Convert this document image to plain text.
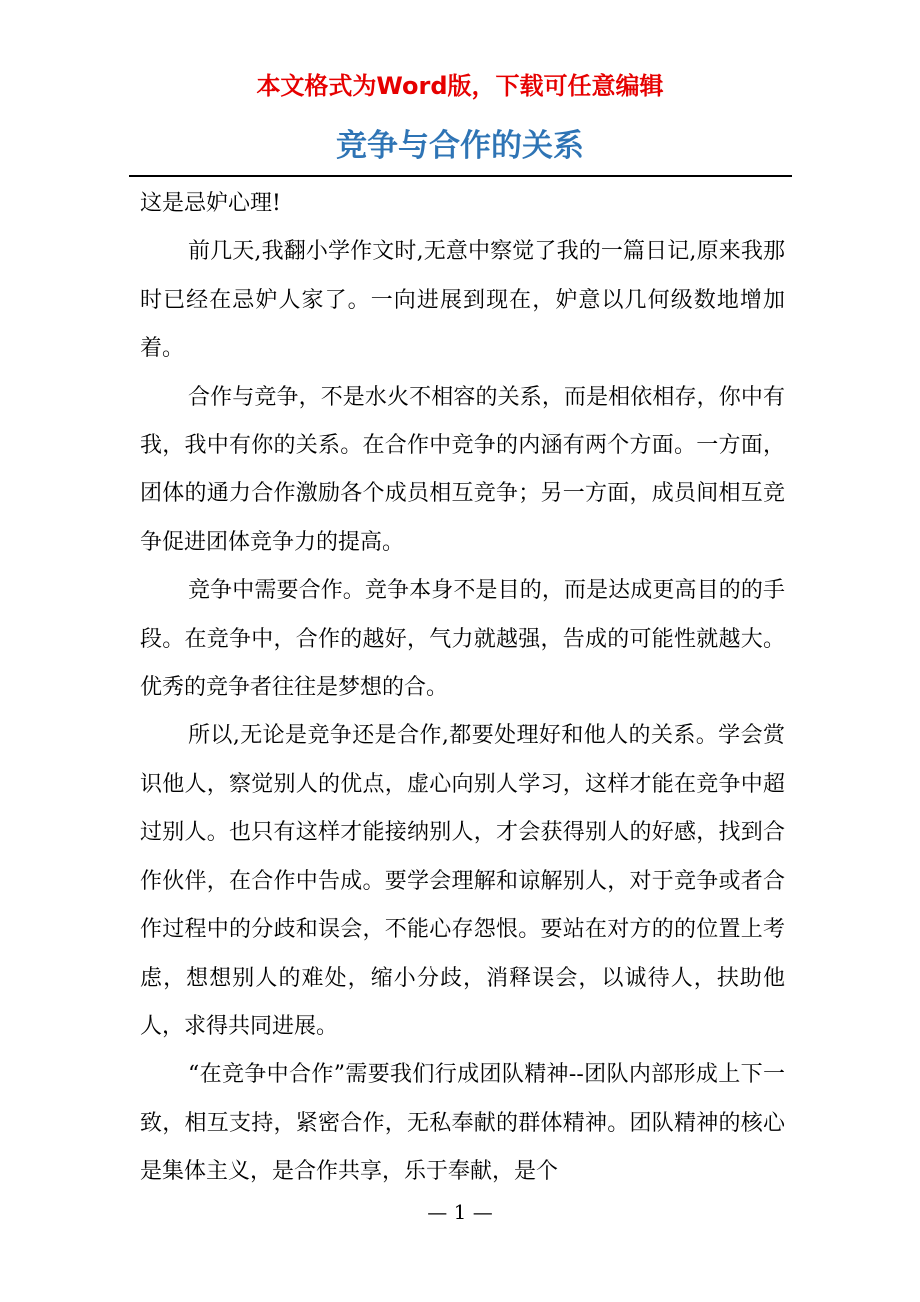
本文格式为Word版，下载可任意编辑
竞争与合作的关系

这是忌妒心理!

前几天,我翻小学作文时,无意中察觉了我的一篇日记,原来我那时已经在忌妒人家了。一向进展到现在，妒意以几何级数地增加着。

合作与竞争，不是水火不相容的关系，而是相依相存，你中有我，我中有你的关系。在合作中竞争的内涵有两个方面。一方面，团体的通力合作激励各个成员相互竞争；另一方面，成员间相互竞争促进团体竞争力的提高。

竞争中需要合作。竞争本身不是目的，而是达成更高目的的手段。在竞争中，合作的越好，气力就越强，告成的可能性就越大。优秀的竞争者往往是梦想的合。

所以,无论是竞争还是合作,都要处理好和他人的关系。学会赏识他人，察觉别人的优点，虚心向别人学习，这样才能在竞争中超过别人。也只有这样才能接纳别人，才会获得别人的好感，找到合作伙伴，在合作中告成。要学会理解和谅解别人，对于竞争或者合作过程中的分歧和误会，不能心存怨恨。要站在对方的的位置上考虑，想想别人的难处，缩小分歧，消释误会，以诚待人，扶助他人，求得共同进展。

“在竞争中合作”需要我们行成团队精神--团队内部形成上下一致，相互支持，紧密合作，无私奉献的群体精神。团队精神的核心是集体主义，是合作共享，乐于奉献，是个

— 1 —
